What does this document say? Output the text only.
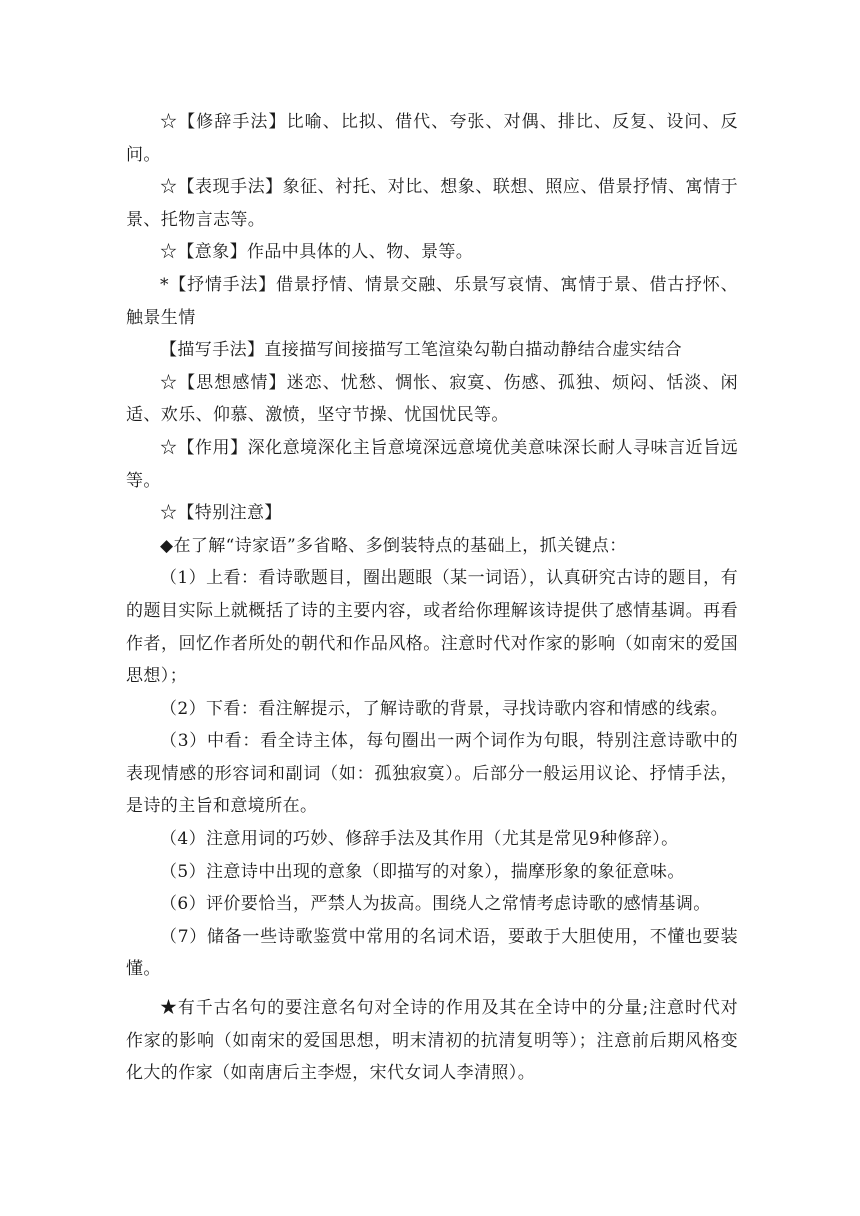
☆【修辞手法】比喻、比拟、借代、夸张、对偶、排比、反复、设问、反问。

☆【表现手法】象征、衬托、对比、想象、联想、照应、借景抒情、寓情于景、托物言志等。

☆【意象】作品中具体的人、物、景等。

*【抒情手法】借景抒情、情景交融、乐景写哀情、寓情于景、借古抒怀、触景生情

【描写手法】直接描写间接描写工笔渲染勾勒白描动静结合虚实结合

☆【思想感情】迷恋、忧愁、惆怅、寂寞、伤感、孤独、烦闷、恬淡、闲适、欢乐、仰慕、激愤，坚守节操、忧国忧民等。

☆【作用】深化意境深化主旨意境深远意境优美意味深长耐人寻味言近旨远等。

☆【特别注意】

◆在了解“诗家语”多省略、多倒装特点的基础上，抓关键点：

（1）上看：看诗歌题目，圈出题眼（某一词语），认真研究古诗的题目，有的题目实际上就概括了诗的主要内容，或者给你理解该诗提供了感情基调。再看作者，回忆作者所处的朝代和作品风格。注意时代对作家的影响（如南宋的爱国思想）；

（2）下看：看注解提示，了解诗歌的背景，寻找诗歌内容和情感的线索。

（3）中看：看全诗主体，每句圈出一两个词作为句眼，特别注意诗歌中的表现情感的形容词和副词（如：孤独寂寞）。后部分一般运用议论、抒情手法，是诗的主旨和意境所在。

（4）注意用词的巧妙、修辞手法及其作用（尤其是常见9种修辞）。

（5）注意诗中出现的意象（即描写的对象），揣摩形象的象征意味。

（6）评价要恰当，严禁人为拔高。围绕人之常情考虑诗歌的感情基调。

（7）储备一些诗歌鉴赏中常用的名词术语，要敢于大胆使用，不懂也要装懂。

★有千古名句的要注意名句对全诗的作用及其在全诗中的分量;注意时代对作家的影响（如南宋的爱国思想，明末清初的抗清复明等）；注意前后期风格变化大的作家（如南唐后主李煜，宋代女词人李清照）。
